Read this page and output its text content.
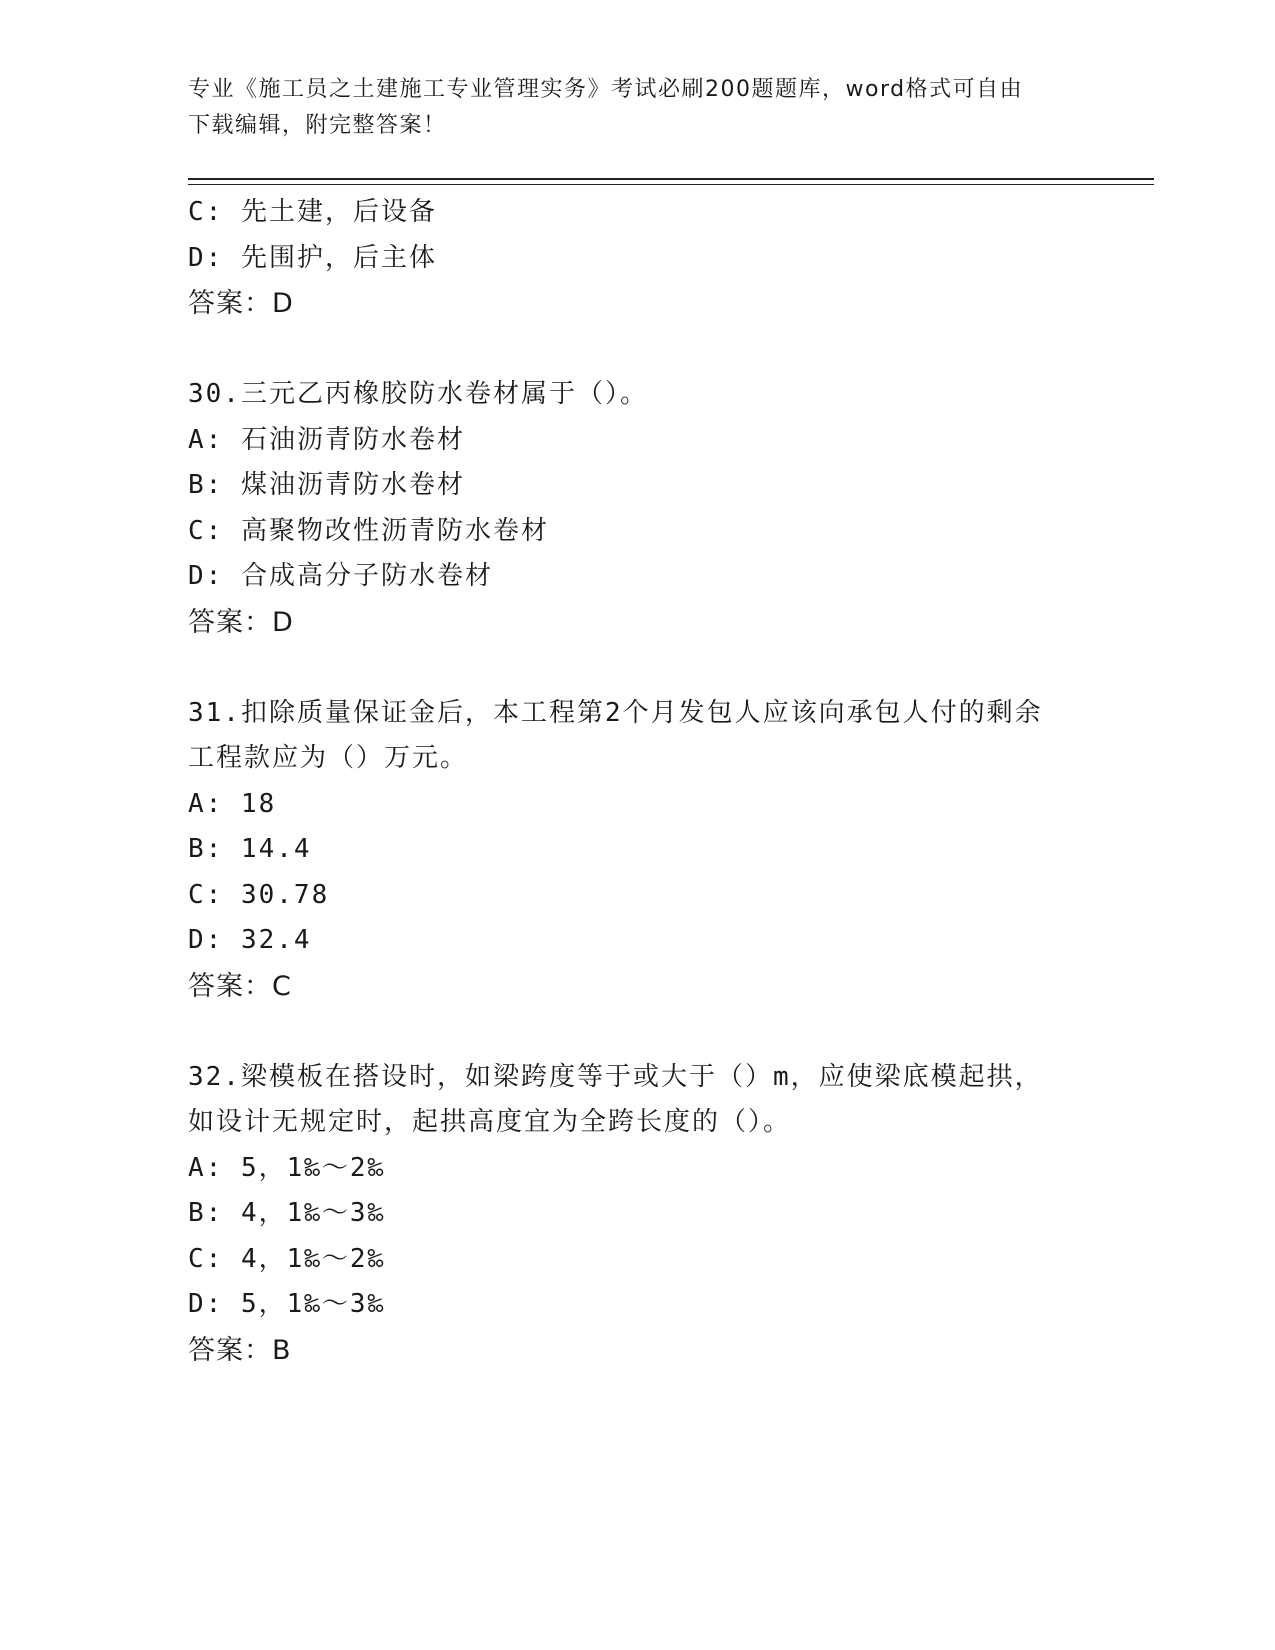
专业《施工员之土建施工专业管理实务》考试必刷200题题库，word格式可自由
下载编辑，附完整答案！
C: 先土建，后设备
D: 先围护，后主体
答案：D
30.三元乙丙橡胶防水卷材属于（）。
A: 石油沥青防水卷材
B: 煤油沥青防水卷材
C: 高聚物改性沥青防水卷材
D: 合成高分子防水卷材
答案：D
31.扣除质量保证金后，本工程第2个月发包人应该向承包人付的剩余
工程款应为（）万元。
A: 18
B: 14.4
C: 30.78
D: 32.4
答案：C
32.梁模板在搭设时，如梁跨度等于或大于（）m，应使梁底模起拱，
如设计无规定时，起拱高度宜为全跨长度的（）。
A: 5，1‰～2‰
B: 4，1‰～3‰
C: 4，1‰～2‰
D: 5，1‰～3‰
答案：B
